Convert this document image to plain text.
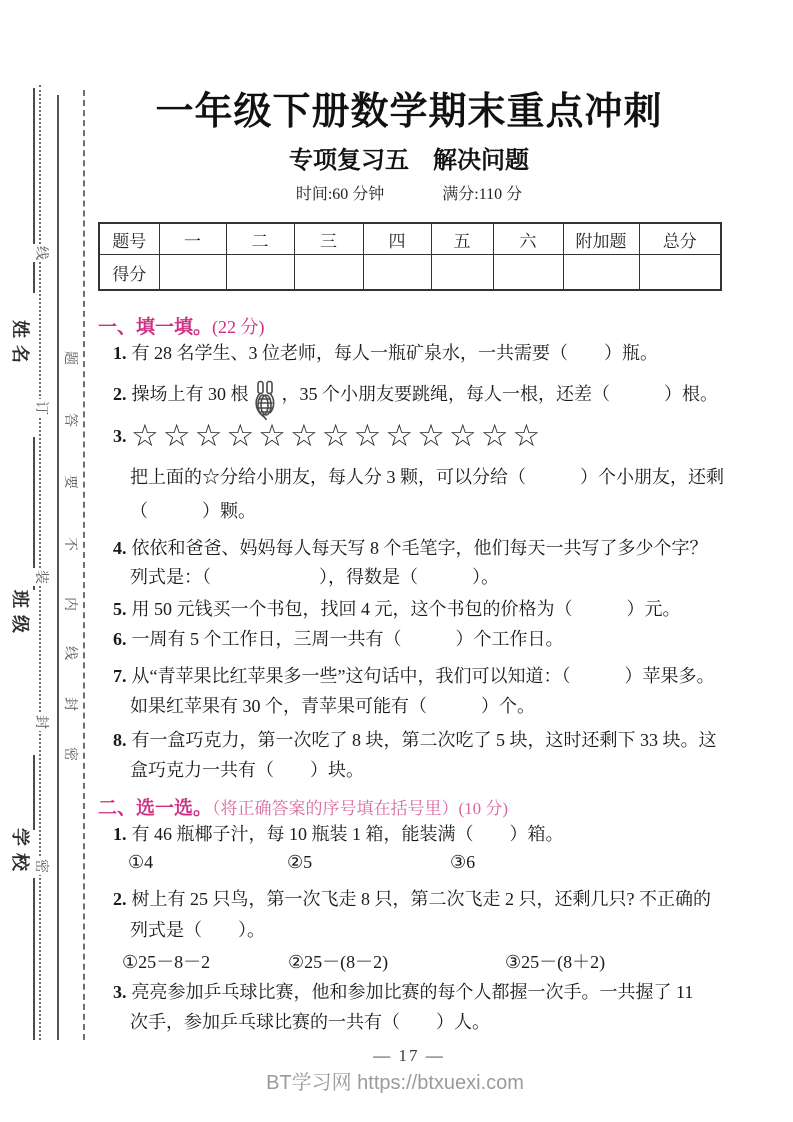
姓名
班级
学校
线
订
装
封
密
题
答
要
不
内
线
封
密
一年级下册数学期末重点冲刺
专项复习五　解决问题
时间:60 分钟	满分:110 分
题号	一	二	三	四	五	六	附加题	总分
得分								
一、填一填。(22 分)
1. 有 28 名学生、3 位老师，每人一瓶矿泉水，一共需要（　　）瓶。
2. 操场上有 30 根 ，35 个小朋友要跳绳，每人一根，还差（　　　）根。
3. ☆☆☆☆☆☆☆☆☆☆☆☆☆
把上面的☆分给小朋友，每人分 3 颗，可以分给（　　　）个小朋友，还剩
（　　　）颗。
4. 依依和爸爸、妈妈每人每天写 8 个毛笔字，他们每天一共写了多少个字？
列式是：（　　　　　　），得数是（　　　）。
5. 用 50 元钱买一个书包，找回 4 元，这个书包的价格为（　　　）元。
6. 一周有 5 个工作日，三周一共有（　　　）个工作日。
7. 从“青苹果比红苹果多一些”这句话中，我们可以知道：（　　　）苹果多。
如果红苹果有 30 个，青苹果可能有（　　　）个。
8. 有一盒巧克力，第一次吃了 8 块，第二次吃了 5 块，这时还剩下 33 块。这
盒巧克力一共有（　　）块。
二、选一选。（将正确答案的序号填在括号里）(10 分)
1. 有 46 瓶椰子汁，每 10 瓶装 1 箱，能装满（　　）箱。
①4	②5	③6
2. 树上有 25 只鸟，第一次飞走 8 只，第二次飞走 2 只，还剩几只? 不正确的
列式是（　　）。
①25－8－2	②25－(8－2)	③25－(8＋2)
3. 亮亮参加乒乓球比赛，他和参加比赛的每个人都握一次手。一共握了 11
次手，参加乒乓球比赛的一共有（　　）人。
— 17 —
BT学习网 https://btxuexi.com
